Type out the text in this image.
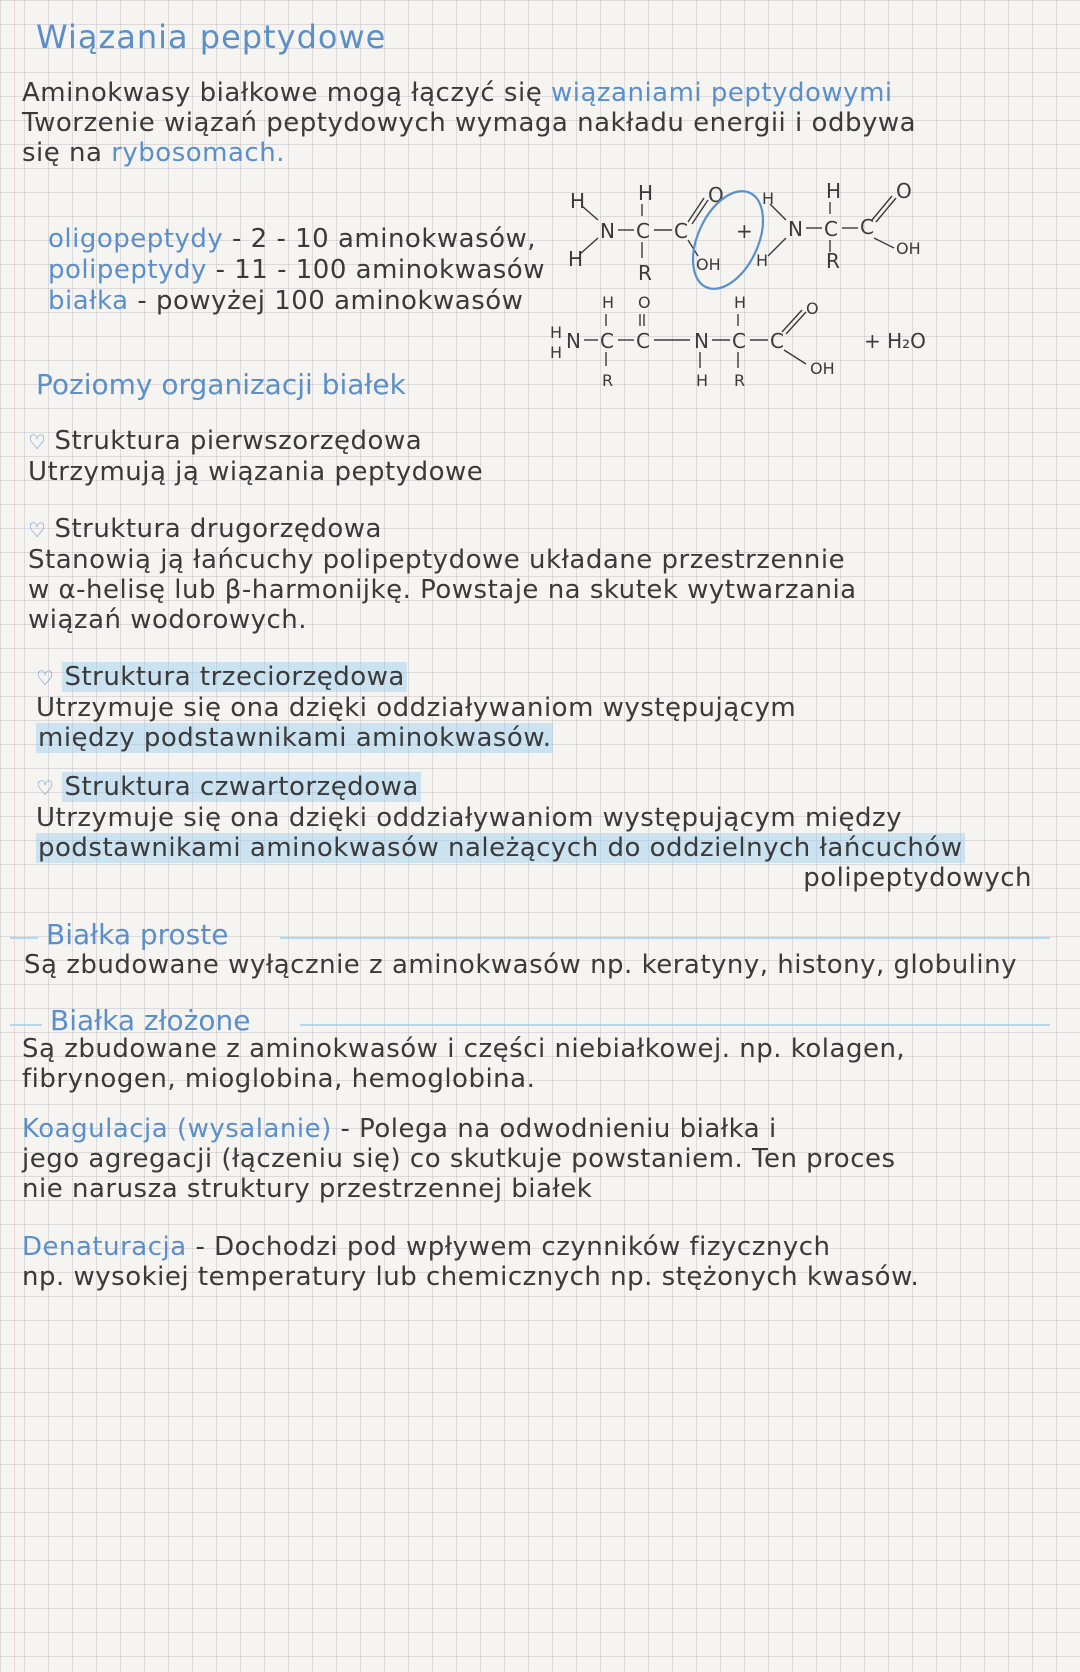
Wiązania peptydowe
Aminokwasy białkowe mogą łączyć się wiązaniami peptydowymi
Tworzenie wiązań peptydowych wymaga nakładu energii i odbywa
się na rybosomach.
oligopeptydy - 2 - 10 aminokwasów,
polipeptydy - 11 - 100 aminokwasów
białka - powyżej 100 aminokwasów
H
H
N C
H
R
C
O
OH
+
H
H
N C
H
R
C
O
OH
H
H N C
H
R
C
O
N
H
C
H
R
C
O
OH
+ H₂O
Poziomy organizacji białek
♡ Struktura pierwszorzędowa
Utrzymują ją wiązania peptydowe
♡ Struktura drugorzędowa
Stanowią ją łańcuchy polipeptydowe układane przestrzennie
w α-helisę lub β-harmonijkę. Powstaje na skutek wytwarzania
wiązań wodorowych.
♡ Struktura trzeciorzędowa
Utrzymuje się ona dzięki oddziaływaniom występującym
między podstawnikami aminokwasów.
♡ Struktura czwartorzędowa
Utrzymuje się ona dzięki oddziaływaniom występującym między
podstawnikami aminokwasów należących do oddzielnych łańcuchów
polipeptydowych
Białka proste
Są zbudowane wyłącznie z aminokwasów np. keratyny, histony, globuliny
Białka złożone
Są zbudowane z aminokwasów i części niebiałkowej. np. kolagen,
fibrynogen, mioglobina, hemoglobina.
Koagulacja (wysalanie) - Polega na odwodnieniu białka i
jego agregacji (łączeniu się) co skutkuje powstaniem. Ten proces
nie narusza struktury przestrzennej białek
Denaturacja - Dochodzi pod wpływem czynników fizycznych
np. wysokiej temperatury lub chemicznych np. stężonych kwasów.
